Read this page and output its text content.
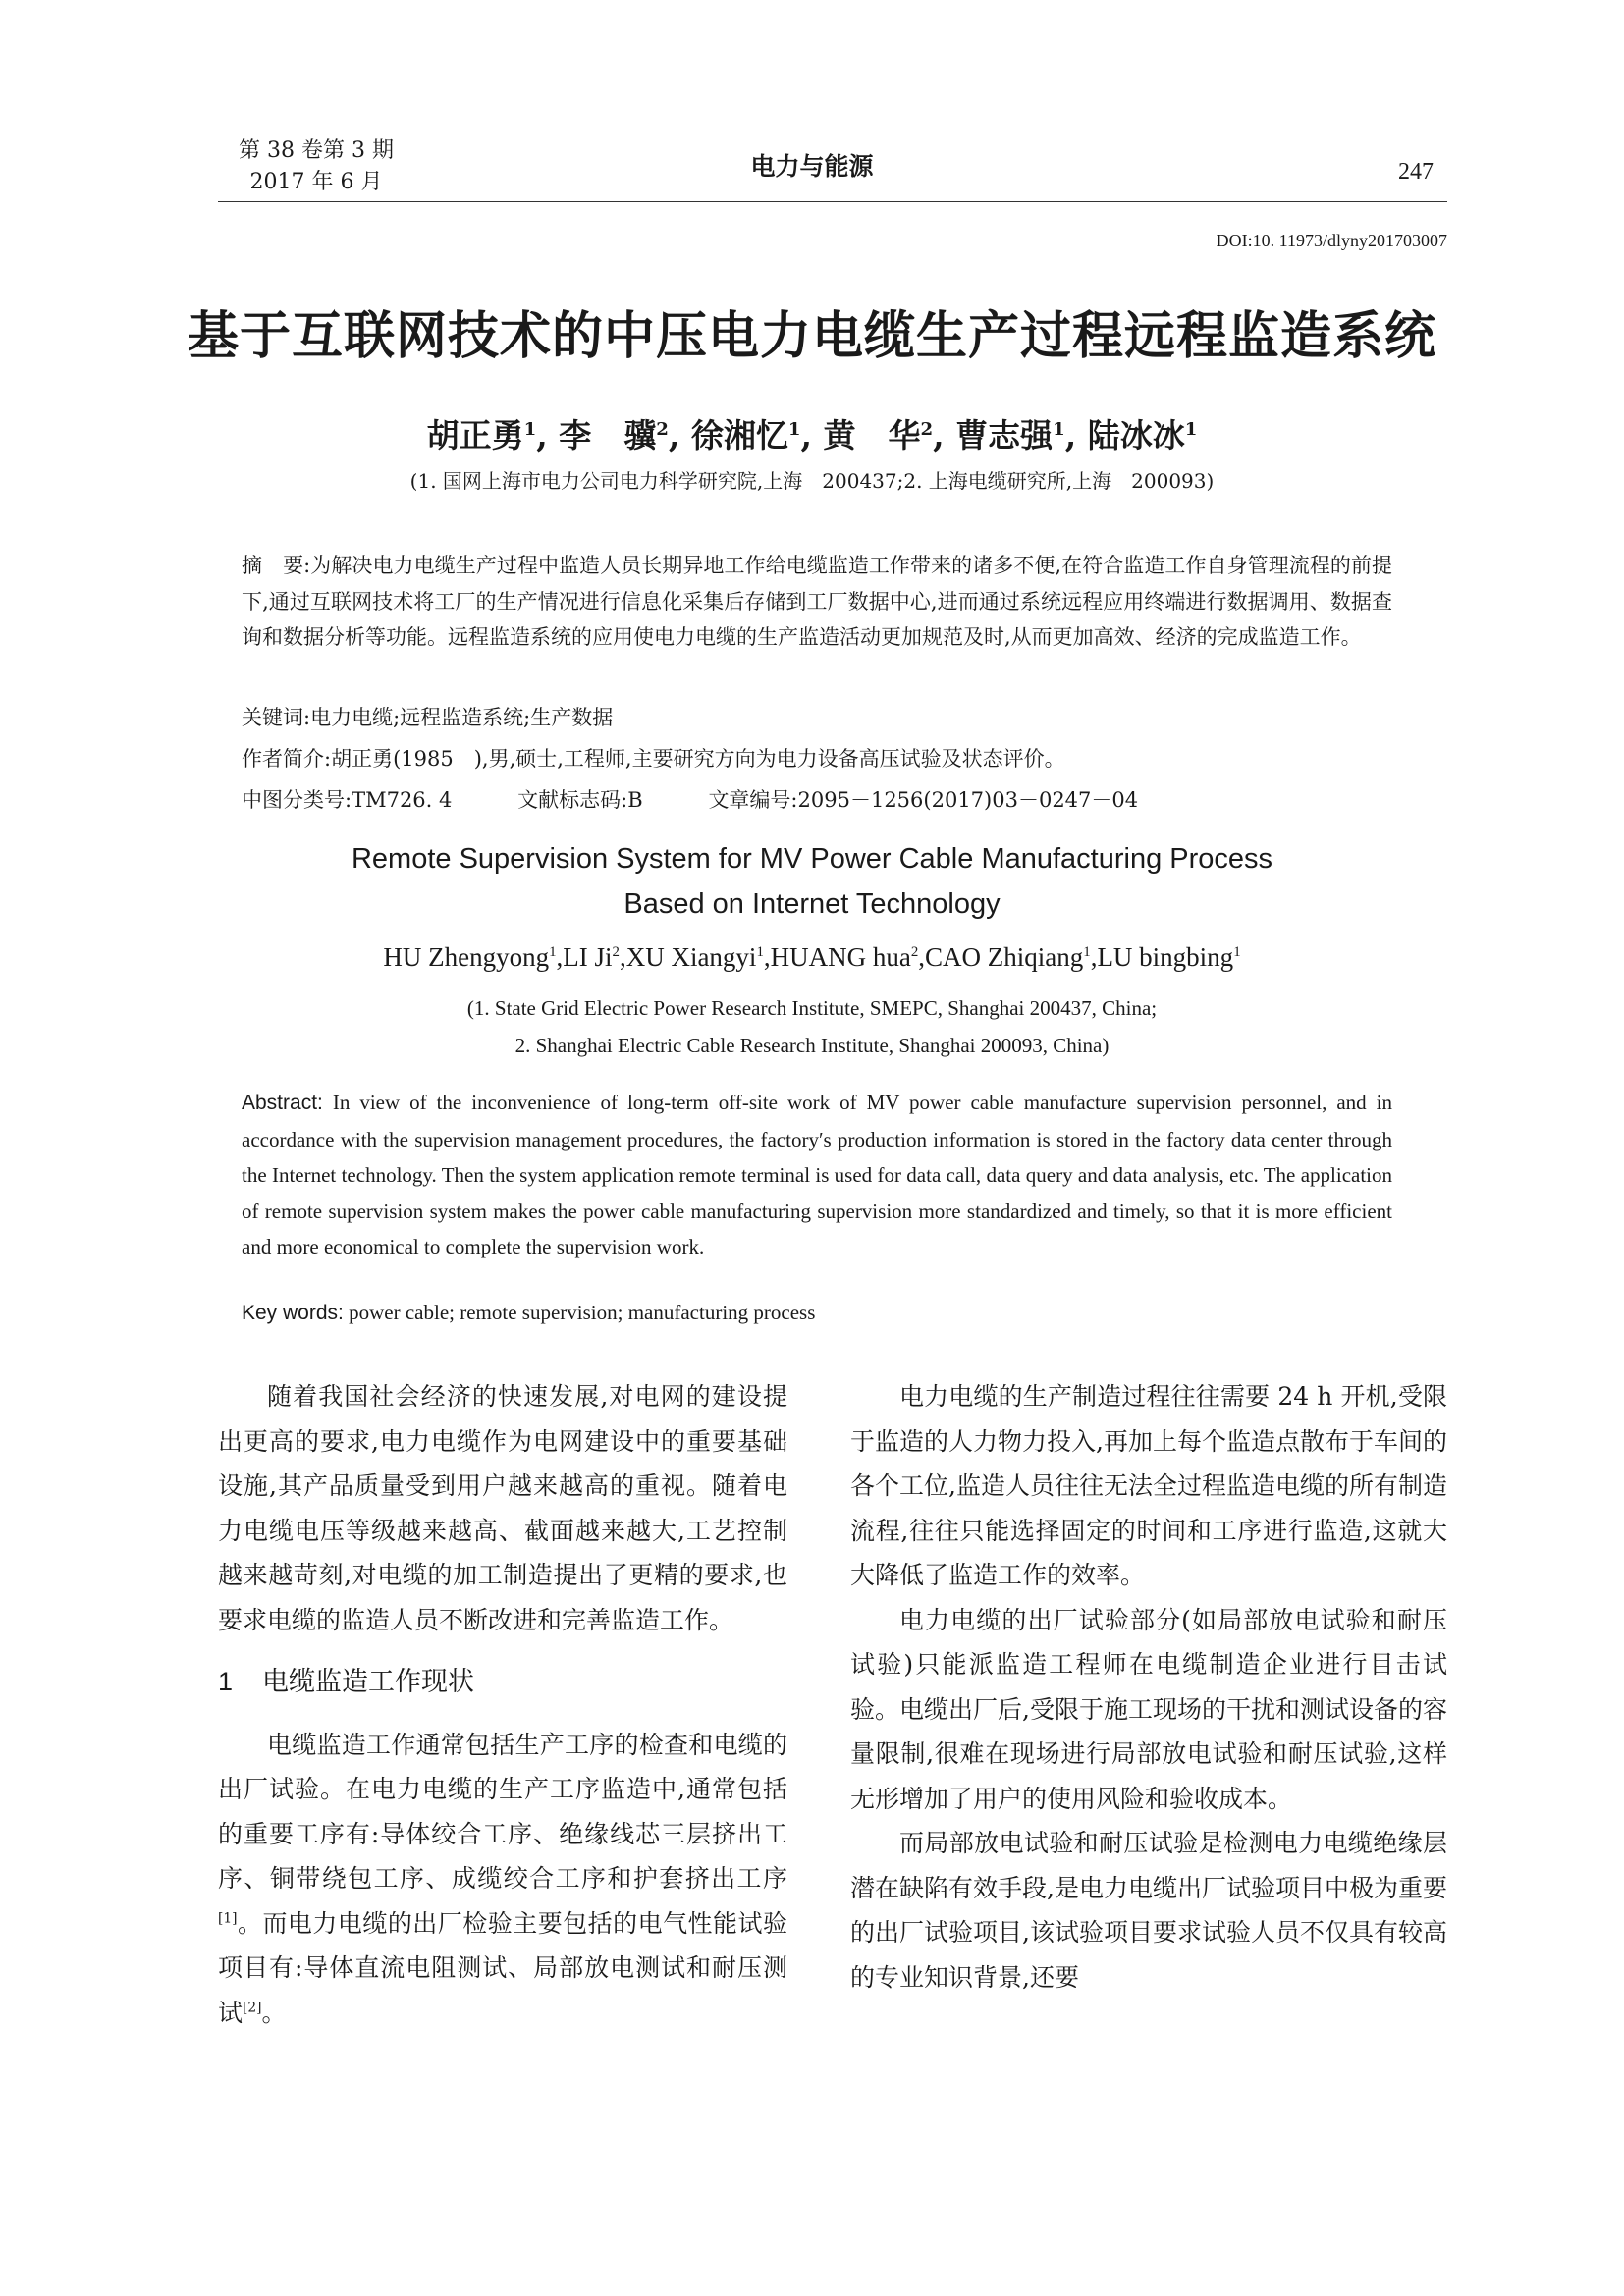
第 38 卷第 3 期
2017 年 6 月
电力与能源	247
DOI:10. 11973/dlyny201703007
基于互联网技术的中压电力电缆生产过程远程监造系统
胡正勇$^1$, 李　骥$^2$, 徐湘忆$^1$, 黄　华$^2$, 曹志强$^1$, 陆冰冰$^1$
(1. 国网上海市电力公司电力科学研究院,上海　200437;2. 上海电缆研究所,上海　200093)
摘　要:为解决电力电缆生产过程中监造人员长期异地工作给电缆监造工作带来的诸多不便,在符合监造工作自身管理流程的前提下,通过互联网技术将工厂的生产情况进行信息化采集后存储到工厂数据中心,进而通过系统远程应用终端进行数据调用、数据查询和数据分析等功能。远程监造系统的应用使电力电缆的生产监造活动更加规范及时,从而更加高效、经济的完成监造工作。
关键词:电力电缆;远程监造系统;生产数据
作者简介:胡正勇(1985　),男,硕士,工程师,主要研究方向为电力设备高压试验及状态评价。
中图分类号:TM726. 4	文献标志码:B	文章编号:2095－1256(2017)03－0247－04
Remote Supervision System for MV Power Cable Manufacturing Process
Based on Internet Technology
HU Zhengyong$^1$,LI Ji$^2$,XU Xiangyi$^1$,HUANG hua$^2$,CAO Zhiqiang$^1$,LU bingbing$^1$
(1. State Grid Electric Power Research Institute, SMEPC, Shanghai 200437, China;
2. Shanghai Electric Cable Research Institute, Shanghai 200093, China)
Abstract: In view of the inconvenience of long-term off-site work of MV power cable manufacture supervision personnel, and in accordance with the supervision management procedures, the factory′s production information is stored in the factory data center through the Internet technology. Then the system application remote terminal is used for data call, data query and data analysis, etc. The application of remote supervision system makes the power cable manufacturing supervision more standardized and timely, so that it is more efficient and more economical to complete the supervision work.
Key words: power cable; remote supervision; manufacturing process

随着我国社会经济的快速发展,对电网的建设提出更高的要求,电力电缆作为电网建设中的重要基础设施,其产品质量受到用户越来越高的重视。随着电力电缆电压等级越来越高、截面越来越大,工艺控制越来越苛刻,对电缆的加工制造提出了更精的要求,也要求电缆的监造人员不断改进和完善监造工作。

1 电缆监造工作现状

电缆监造工作通常包括生产工序的检查和电缆的出厂试验。在电力电缆的生产工序监造中,通常包括的重要工序有:导体绞合工序、绝缘线芯三层挤出工序、铜带绕包工序、成缆绞合工序和护套挤出工序[1]。而电力电缆的出厂检验主要包括的电气性能试验项目有:导体直流电阻测试、局部放电测试和耐压测试[2]。

电力电缆的生产制造过程往往需要 24 h 开机,受限于监造的人力物力投入,再加上每个监造点散布于车间的各个工位,监造人员往往无法全过程监造电缆的所有制造流程,往往只能选择固定的时间和工序进行监造,这就大大降低了监造工作的效率。

电力电缆的出厂试验部分(如局部放电试验和耐压试验)只能派监造工程师在电缆制造企业进行目击试验。电缆出厂后,受限于施工现场的干扰和测试设备的容量限制,很难在现场进行局部放电试验和耐压试验,这样无形增加了用户的使用风险和验收成本。

而局部放电试验和耐压试验是检测电力电缆绝缘层潜在缺陷有效手段,是电力电缆出厂试验项目中极为重要的出厂试验项目,该试验项目要求试验人员不仅具有较高的专业知识背景,还要
